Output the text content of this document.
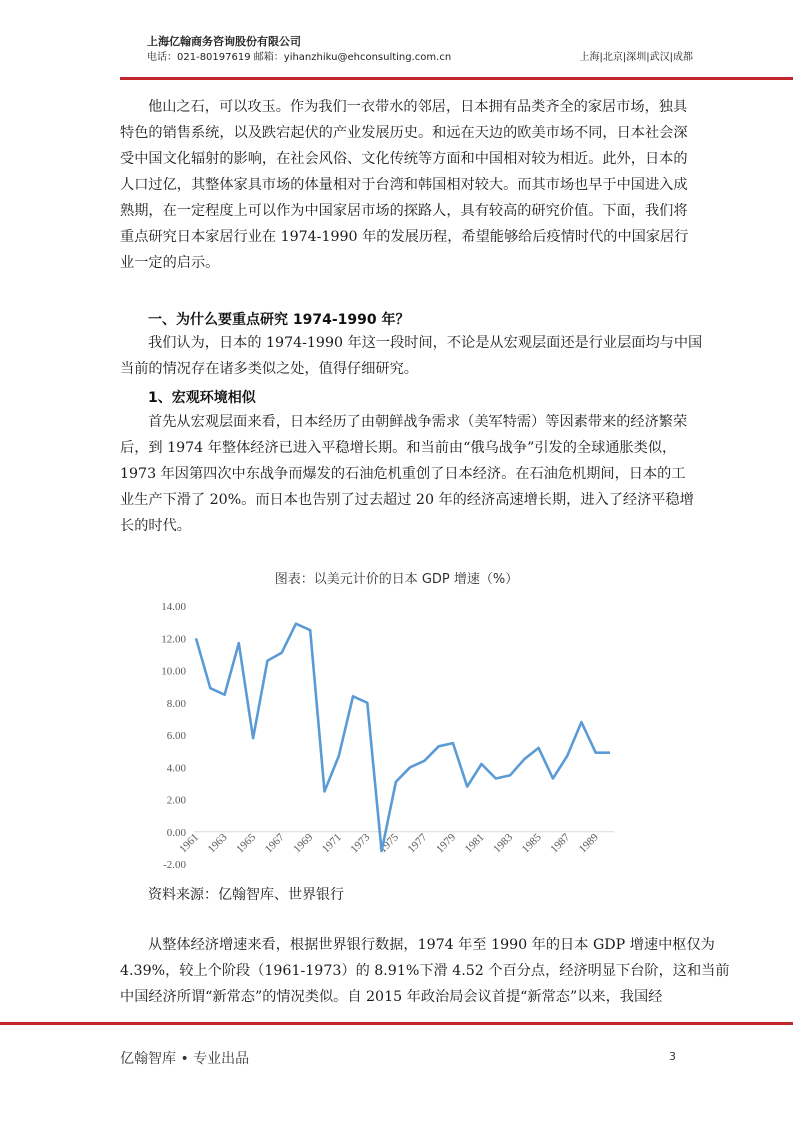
上海亿翰商务咨询股份有限公司
电话：021-80197619 邮箱：yihanzhiku@ehconsulting.com.cn	上海|北京|深圳|武汉|成都
他山之石，可以攻玉。作为我们一衣带水的邻居，日本拥有品类齐全的家居市场，独具
特色的销售系统，以及跌宕起伏的产业发展历史。和远在天边的欧美市场不同，日本社会深
受中国文化辐射的影响，在社会风俗、文化传统等方面和中国相对较为相近。此外，日本的
人口过亿，其整体家具市场的体量相对于台湾和韩国相对较大。而其市场也早于中国进入成
熟期，在一定程度上可以作为中国家居市场的探路人，具有较高的研究价值。下面，我们将
重点研究日本家居行业在 1974-1990 年的发展历程，希望能够给后疫情时代的中国家居行
业一定的启示。
一、为什么要重点研究 1974-1990 年？
我们认为，日本的 1974-1990 年这一段时间，不论是从宏观层面还是行业层面均与中国
当前的情况存在诸多类似之处，值得仔细研究。
1、宏观环境相似
首先从宏观层面来看，日本经历了由朝鲜战争需求（美军特需）等因素带来的经济繁荣
后，到 1974 年整体经济已进入平稳增长期。和当前由“俄乌战争”引发的全球通胀类似，
1973 年因第四次中东战争而爆发的石油危机重创了日本经济。在石油危机期间，日本的工
业生产下滑了 20%。而日本也告别了过去超过 20 年的经济高速增长期，进入了经济平稳增
长的时代。
图表：以美元计价的日本 GDP 增速（%）
-2.00
0.00
2.00
4.00
6.00
8.00
10.00
12.00
14.00
1961 1963 1965 1967 1969 1971 1973 1975 1977 1979 1981 1983 1985 1987 1989
资料来源：亿翰智库、世界银行
从整体经济增速来看，根据世界银行数据，1974 年至 1990 年的日本 GDP 增速中枢仅为
4.39%，较上个阶段（1961-1973）的 8.91%下滑 4.52 个百分点，经济明显下台阶，这和当前
中国经济所谓“新常态”的情况类似。自 2015 年政治局会议首提“新常态”以来，我国经
亿翰智库 • 专业出品	3
